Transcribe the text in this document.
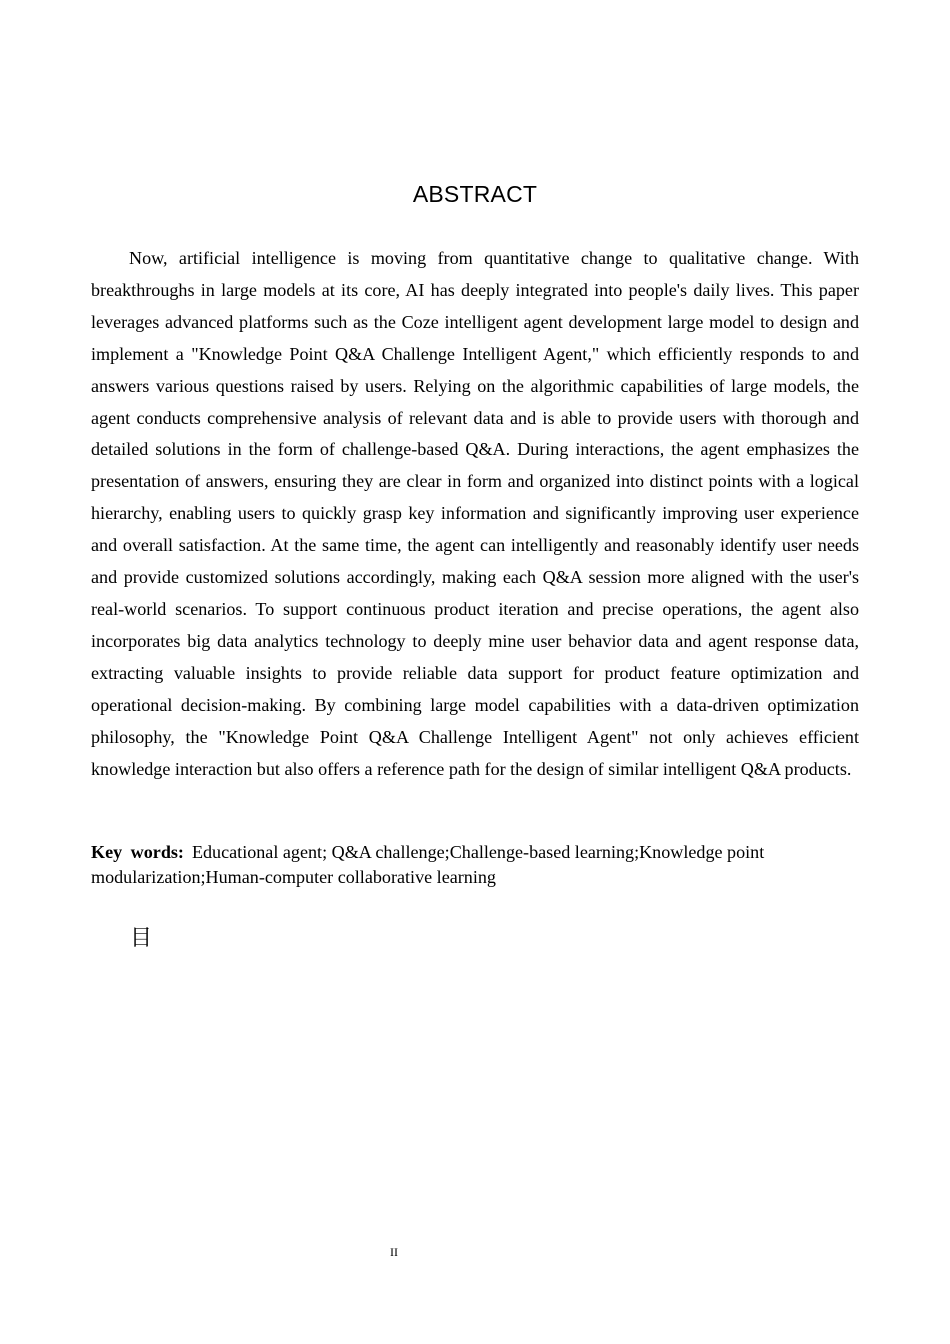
ABSTRACT

Now, artificial intelligence is moving from quantitative change to qualitative change. With breakthroughs in large models at its core, AI has deeply integrated into people's daily lives. This paper leverages advanced platforms such as the Coze intelligent agent development large model to design and implement a "Knowledge Point Q&A Challenge Intelligent Agent," which efficiently responds to and answers various questions raised by users. Relying on the algorithmic capabilities of large models, the agent conducts comprehensive analysis of relevant data and is able to provide users with thorough and detailed solutions in the form of challenge-based Q&A. During interactions, the agent emphasizes the presentation of answers, ensuring they are clear in form and organized into distinct points with a logical hierarchy, enabling users to quickly grasp key information and significantly improving user experience and overall satisfaction. At the same time, the agent can intelligently and reasonably identify user needs and provide customized solutions accordingly, making each Q&A session more aligned with the user's real-world scenarios. To support continuous product iteration and precise operations, the agent also incorporates big data analytics technology to deeply mine user behavior data and agent response data, extracting valuable insights to provide reliable data support for product feature optimization and operational decision-making. By combining large model capabilities with a data-driven optimization philosophy, the "Knowledge Point Q&A Challenge Intelligent Agent" not only achieves efficient knowledge interaction but also offers a reference path for the design of similar intelligent Q&A products.

Key words: Educational agent; Q&A challenge;Challenge-based learning;Knowledge point modularization;Human-computer collaborative learning
目
II
